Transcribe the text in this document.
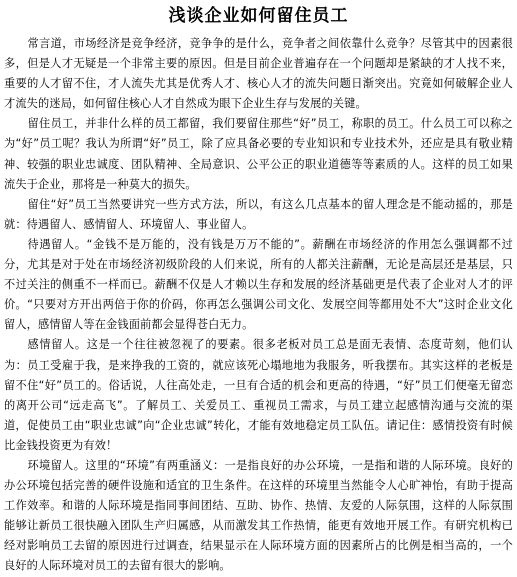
浅谈企业如何留住员工

常言道，市场经济是竞争经济，竞争争的是什么，竞争者之间依靠什么竞争？尽管其中的因素很多，但是人才无疑是一个非常主要的原因。但是目前企业普遍存在一个问题却是紧缺的才人找不来，重要的人才留不住，才人流失尤其是优秀人才、核心人才的流失问题日渐突出。究竟如何破解企业人才流失的迷局，如何留住核心人才自然成为眼下企业生存与发展的关键。

留住员工，并非什么样的员工都留，我们要留住那些“好”员工，称职的员工。什么员工可以称之为“好”员工呢？我认为所谓“好”员工，除了应具备必要的专业知识和专业技术外，还应是具有敬业精神、较强的职业忠诚度、团队精神、全局意识、公平公正的职业道德等等素质的人。这样的员工如果流失于企业，那将是一种莫大的损失。

留住“好”员工当然要讲究一些方式方法，所以，有这么几点基本的留人理念是不能动摇的，那是就：待遇留人、感情留人、环境留人、事业留人。

待遇留人。“金钱不是万能的，没有钱是万万不能的”。薪酬在市场经济的作用怎么强调都不过分，尤其是对于处在市场经济初级阶段的人们来说，所有的人都关注薪酬，无论是高层还是基层，只不过关注的侧重不一样而已。薪酬不仅是人才赖以生存和发展的经济基础更是代表了企业对人才的评价。“只要对方开出两倍于你的价码，你再怎么强调公司文化、发展空间等都用处不大”这时企业文化留人，感情留人等在金钱面前都会显得苍白无力。

感情留人。这是一个往往被忽视了的要素。很多老板对员工总是面无表情、态度苛刻，他们认为：员工受雇于我，是来挣我的工资的，就应该死心塌地地为我服务，听我摆布。其实这样的老板是留不住“好”员工的。俗话说，人往高处走，一旦有合适的机会和更高的待遇，“好”员工们便毫无留恋的离开公司“远走高飞”。了解员工、关爱员工、重视员工需求，与员工建立起感情沟通与交流的渠道，促使员工由“职业忠诚”向“企业忠诚”转化，才能有效地稳定员工队伍。请记住：感情投资有时候比金钱投资更为有效！

环境留人。这里的“环境”有两重涵义：一是指良好的办公环境，一是指和谐的人际环境。良好的办公环境包括完善的硬件设施和适宜的卫生条件。在这样的环境里当然能令人心旷神怡，有助于提高工作效率。和谐的人际环境是指同事间团结、互助、协作、热情、友爱的人际氛围，这样的人际氛围能够让新员工很快融入团队生产归属感，从而激发其工作热情，能更有效地开展工作。有研究机构已经对影响员工去留的原因进行过调查，结果显示在人际环境方面的因素所占的比例是相当高的，一个良好的人际环境对员工的去留有很大的影响。
